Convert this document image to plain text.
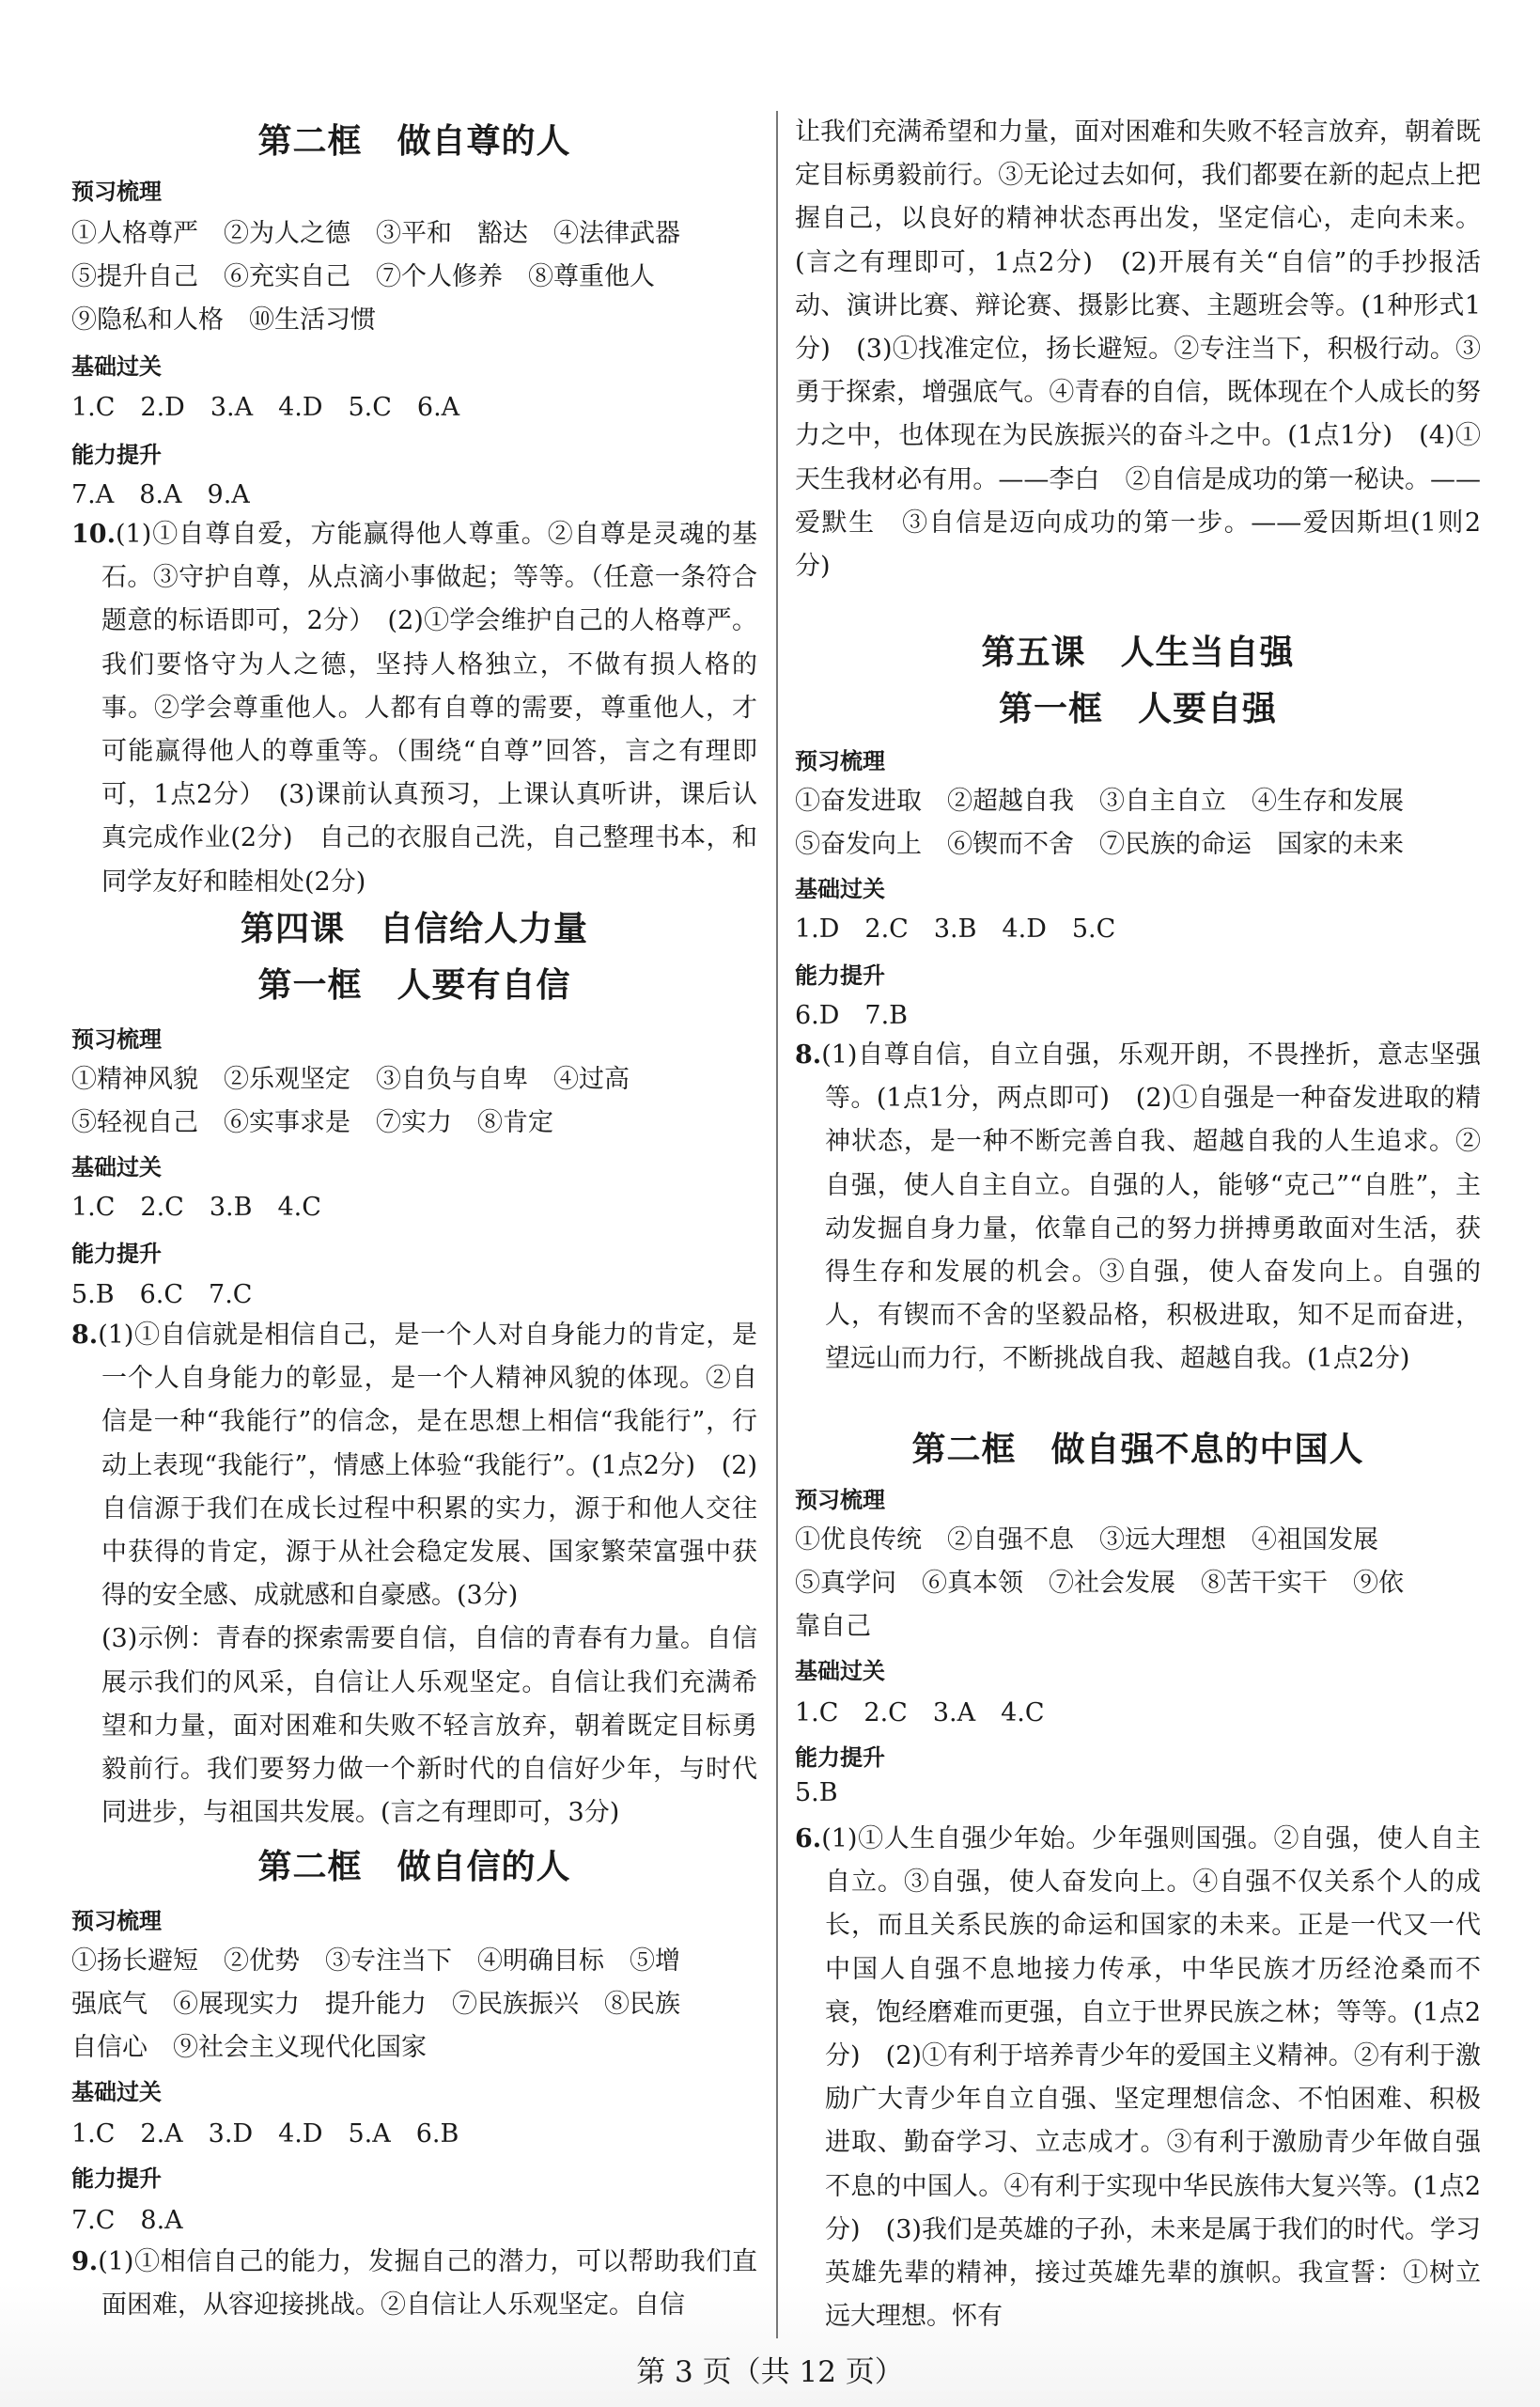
第二框　做自尊的人
预习梳理
①人格尊严　②为人之德　③平和　豁达　④法律武器
⑤提升自己　⑥充实自己　⑦个人修养　⑧尊重他人
⑨隐私和人格　⑩生活习惯
基础过关
1.C　2.D　3.A　4.D　5.C　6.A
能力提升
7.A　8.A　9.A
10.(1)①自尊自爱，方能赢得他人尊重。②自尊是灵魂的基石。③守护自尊，从点滴小事做起；等等。（任意一条符合题意的标语即可，2分）　(2)①学会维护自己的人格尊严。我们要恪守为人之德，坚持人格独立，不做有损人格的事。②学会尊重他人。人都有自尊的需要，尊重他人，才可能赢得他人的尊重等。（围绕“自尊”回答，言之有理即可，1点2分）　(3)课前认真预习，上课认真听讲，课后认真完成作业(2分)　自己的衣服自己洗，自己整理书本，和同学友好和睦相处(2分)
第四课　自信给人力量
第一框　人要有自信
预习梳理
①精神风貌　②乐观坚定　③自负与自卑　④过高
⑤轻视自己　⑥实事求是　⑦实力　⑧肯定
基础过关
1.C　2.C　3.B　4.C
能力提升
5.B　6.C　7.C
8.(1)①自信就是相信自己，是一个人对自身能力的肯定，是一个人自身能力的彰显，是一个人精神风貌的体现。②自信是一种“我能行”的信念，是在思想上相信“我能行”，行动上表现“我能行”，情感上体验“我能行”。(1点2分)　(2)自信源于我们在成长过程中积累的实力，源于和他人交往中获得的肯定，源于从社会稳定发展、国家繁荣富强中获得的安全感、成就感和自豪感。(3分)
(3)示例：青春的探索需要自信，自信的青春有力量。自信展示我们的风采，自信让人乐观坚定。自信让我们充满希望和力量，面对困难和失败不轻言放弃，朝着既定目标勇毅前行。我们要努力做一个新时代的自信好少年，与时代同进步，与祖国共发展。(言之有理即可，3分)
第二框　做自信的人
预习梳理
①扬长避短　②优势　③专注当下　④明确目标　⑤增
强底气　⑥展现实力　提升能力　⑦民族振兴　⑧民族
自信心　⑨社会主义现代化国家
基础过关
1.C　2.A　3.D　4.D　5.A　6.B
能力提升
7.C　8.A
9.(1)①相信自己的能力，发掘自己的潜力，可以帮助我们直面困难，从容迎接挑战。②自信让人乐观坚定。自信
让我们充满希望和力量，面对困难和失败不轻言放弃，朝着既定目标勇毅前行。③无论过去如何，我们都要在新的起点上把握自己，以良好的精神状态再出发，坚定信心，走向未来。(言之有理即可，1点2分)　(2)开展有关“自信”的手抄报活动、演讲比赛、辩论赛、摄影比赛、主题班会等。(1种形式1分)　(3)①找准定位，扬长避短。②专注当下，积极行动。③勇于探索，增强底气。④青春的自信，既体现在个人成长的努力之中，也体现在为民族振兴的奋斗之中。(1点1分)　(4)①天生我材必有用。——李白　②自信是成功的第一秘诀。——爱默生　③自信是迈向成功的第一步。——爱因斯坦(1则2分)
第五课　人生当自强
第一框　人要自强
预习梳理
①奋发进取　②超越自我　③自主自立　④生存和发展
⑤奋发向上　⑥锲而不舍　⑦民族的命运　国家的未来
基础过关
1.D　2.C　3.B　4.D　5.C
能力提升
6.D　7.B
8.(1)自尊自信，自立自强，乐观开朗，不畏挫折，意志坚强等。(1点1分，两点即可)　(2)①自强是一种奋发进取的精神状态，是一种不断完善自我、超越自我的人生追求。②自强，使人自主自立。自强的人，能够“克己”“自胜”，主动发掘自身力量，依靠自己的努力拼搏勇敢面对生活，获得生存和发展的机会。③自强，使人奋发向上。自强的人，有锲而不舍的坚毅品格，积极进取，知不足而奋进，望远山而力行，不断挑战自我、超越自我。(1点2分)
第二框　做自强不息的中国人
预习梳理
①优良传统　②自强不息　③远大理想　④祖国发展
⑤真学问　⑥真本领　⑦社会发展　⑧苦干实干　⑨依
靠自己
基础过关
1.C　2.C　3.A　4.C
能力提升
5.B
6.(1)①人生自强少年始。少年强则国强。②自强，使人自主自立。③自强，使人奋发向上。④自强不仅关系个人的成长，而且关系民族的命运和国家的未来。正是一代又一代中国人自强不息地接力传承，中华民族才历经沧桑而不衰，饱经磨难而更强，自立于世界民族之林；等等。(1点2分)　(2)①有利于培养青少年的爱国主义精神。②有利于激励广大青少年自立自强、坚定理想信念、不怕困难、积极进取、勤奋学习、立志成才。③有利于激励青少年做自强不息的中国人。④有利于实现中华民族伟大复兴等。(1点2分)　(3)我们是英雄的子孙，未来是属于我们的时代。学习英雄先辈的精神，接过英雄先辈的旗帜。我宣誓：①树立远大理想。怀有
第 3 页（共 12 页）
